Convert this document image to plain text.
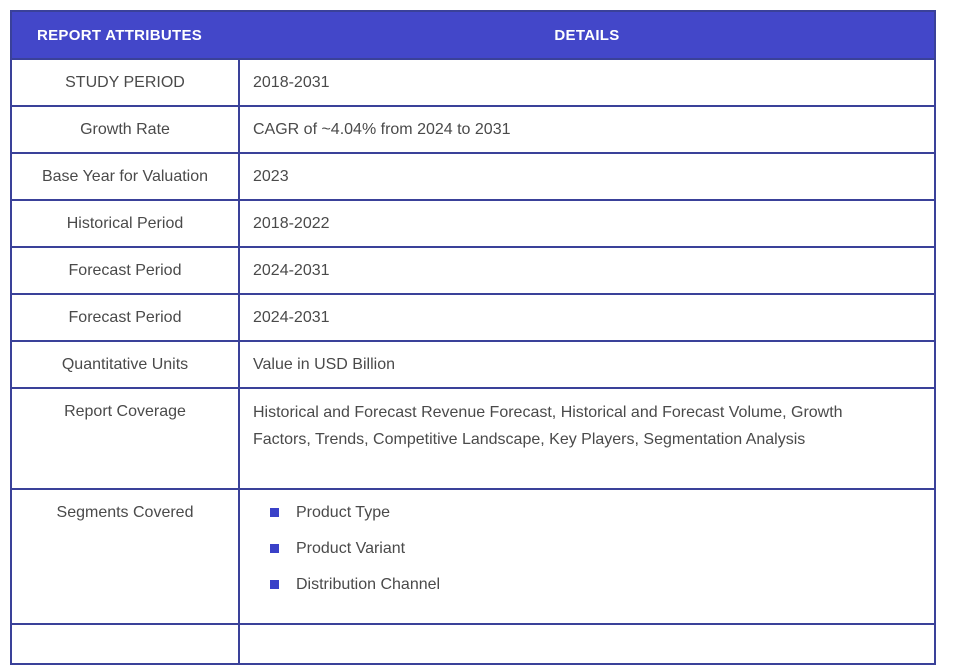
REPORT ATTRIBUTES	DETAILS
STUDY PERIOD	2018-2031
Growth Rate	CAGR of ~4.04% from 2024 to 2031
Base Year for Valuation	2023
Historical Period	2018-2022
Forecast Period	2024-2031
Forecast Period	2024-2031
Quantitative Units	Value in USD Billion
Report Coverage	Historical and Forecast Revenue Forecast, Historical and Forecast Volume, Growth Factors, Trends, Competitive Landscape, Key Players, Segmentation Analysis
Segments Covered	Product Type
Product Variant
Distribution Channel
